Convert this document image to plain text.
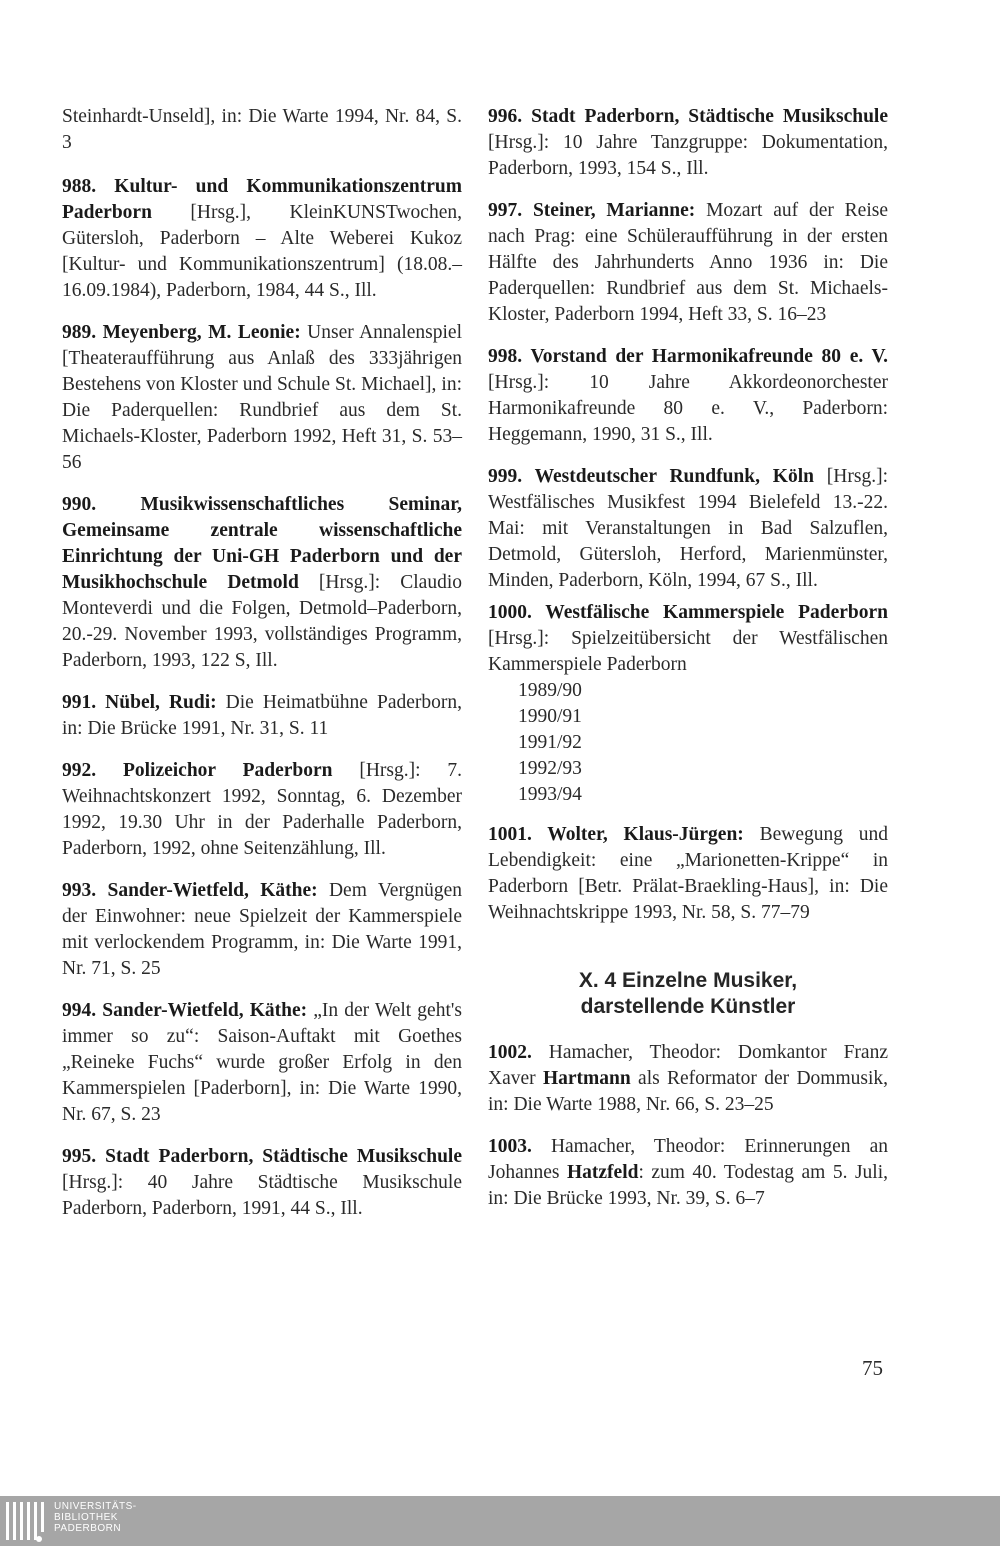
Steinhardt-Unseld], in: Die Warte 1994, Nr. 84, S. 3
988. Kultur- und Kommunikationszentrum Paderborn [Hrsg.], KleinKUNSTwochen, Gütersloh, Paderborn – Alte Weberei Kukoz [Kultur- und Kommunikationszentrum] (18.08.–16.09.1984), Paderborn, 1984, 44 S., Ill.
989. Meyenberg, M. Leonie: Unser Annalenspiel [Theateraufführung aus Anlaß des 333jährigen Bestehens von Kloster und Schule St. Michael], in: Die Paderquellen: Rundbrief aus dem St. Michaels-Kloster, Paderborn 1992, Heft 31, S. 53–56
990. Musikwissenschaftliches Seminar, Gemeinsame zentrale wissenschaftliche Einrichtung der Uni-GH Paderborn und der Musikhochschule Detmold [Hrsg.]: Claudio Monteverdi und die Folgen, Detmold–Paderborn, 20.-29. November 1993, vollständiges Programm, Paderborn, 1993, 122 S, Ill.
991. Nübel, Rudi: Die Heimatbühne Paderborn, in: Die Brücke 1991, Nr. 31, S. 11
992. Polizeichor Paderborn [Hrsg.]: 7. Weihnachtskonzert 1992, Sonntag, 6. Dezember 1992, 19.30 Uhr in der Paderhalle Paderborn, Paderborn, 1992, ohne Seitenzählung, Ill.
993. Sander-Wietfeld, Käthe: Dem Vergnügen der Einwohner: neue Spielzeit der Kammerspiele mit verlockendem Programm, in: Die Warte 1991, Nr. 71, S. 25
994. Sander-Wietfeld, Käthe: „In der Welt geht's immer so zu“: Saison-Auftakt mit Goethes „Reineke Fuchs“ wurde großer Erfolg in den Kammerspielen [Paderborn], in: Die Warte 1990, Nr. 67, S. 23
995. Stadt Paderborn, Städtische Musikschule [Hrsg.]: 40 Jahre Städtische Musikschule Paderborn, Paderborn, 1991, 44 S., Ill.
996. Stadt Paderborn, Städtische Musikschule [Hrsg.]: 10 Jahre Tanzgruppe: Dokumentation, Paderborn, 1993, 154 S., Ill.
997. Steiner, Marianne: Mozart auf der Reise nach Prag: eine Schüleraufführung in der ersten Hälfte des Jahrhunderts Anno 1936 in: Die Paderquellen: Rundbrief aus dem St. Michaels-Kloster, Paderborn 1994, Heft 33, S. 16–23
998. Vorstand der Harmonikafreunde 80 e. V. [Hrsg.]: 10 Jahre Akkordeonorchester Harmonikafreunde 80 e. V., Paderborn: Heggemann, 1990, 31 S., Ill.
999. Westdeutscher Rundfunk, Köln [Hrsg.]: Westfälisches Musikfest 1994 Bielefeld 13.-22. Mai: mit Veranstaltungen in Bad Salzuflen, Detmold, Gütersloh, Herford, Marienmünster, Minden, Paderborn, Köln, 1994, 67 S., Ill.
1000. Westfälische Kammerspiele Paderborn [Hrsg.]: Spielzeitübersicht der Westfälischen Kammerspiele Paderborn
1989/90
1990/91
1991/92
1992/93
1993/94
1001. Wolter, Klaus-Jürgen: Bewegung und Lebendigkeit: eine „Marionetten-Krippe“ in Paderborn [Betr. Prälat-Braekling-Haus], in: Die Weihnachtskrippe 1993, Nr. 58, S. 77–79
X. 4 Einzelne Musiker,
darstellende Künstler
1002. Hamacher, Theodor: Domkantor Franz Xaver Hartmann als Reformator der Dommusik, in: Die Warte 1988, Nr. 66, S. 23–25
1003. Hamacher, Theodor: Erinnerungen an Johannes Hatzfeld: zum 40. Todestag am 5. Juli, in: Die Brücke 1993, Nr. 39, S. 6–7
75
UNIVERSITÄTS-
BIBLIOTHEK
PADERBORN
